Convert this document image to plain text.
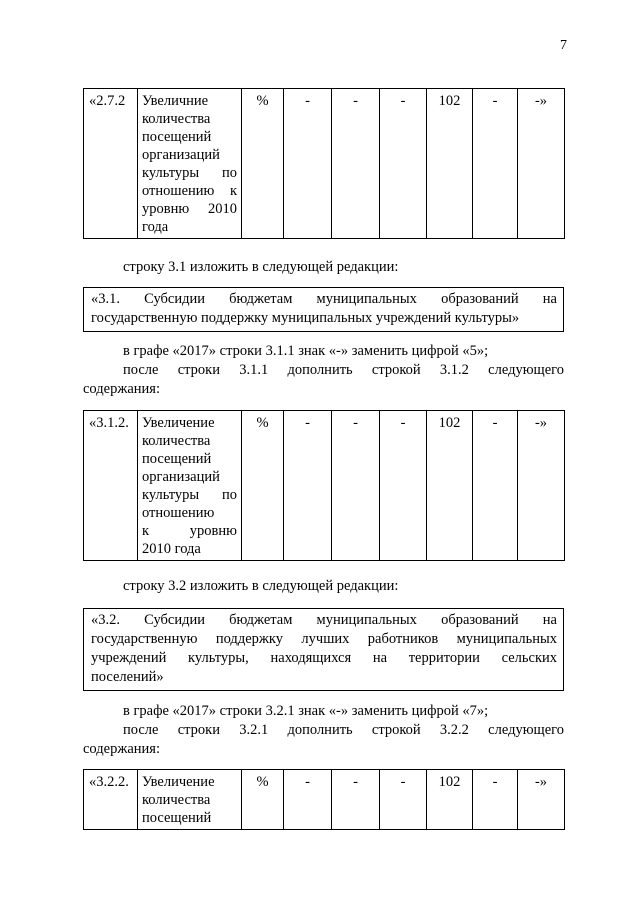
7
«2.7.2	Увеличние
количества
посещений
организаций
культуры по
отношению к
уровню 2010
года
	%	-	-	-	102	-	-»
строку 3.1 изложить в следующей редакции:
«3.1. Субсидии бюджетам муниципальных образований на
государственную поддержку муниципальных учреждений культуры»
в графе «2017» строки 3.1.1 знак «-» заменить цифрой «5»;
после строки 3.1.1 дополнить строкой 3.1.2 следующего
содержания:
«3.1.2.	Увеличение
количества
посещений
организаций
культуры по
отношению
к уровню
2010 года
	%	-	-	-	102	-	-»
строку 3.2 изложить в следующей редакции:
«3.2. Субсидии бюджетам муниципальных образований на
государственную поддержку лучших работников муниципальных
учреждений культуры, находящихся на территории сельских
поселений»
в графе «2017» строки 3.2.1 знак «-» заменить цифрой «7»;
после строки 3.2.1 дополнить строкой 3.2.2 следующего
содержания:
«3.2.2.	Увеличение
количества
посещений
	%	-	-	-	102	-	-»
